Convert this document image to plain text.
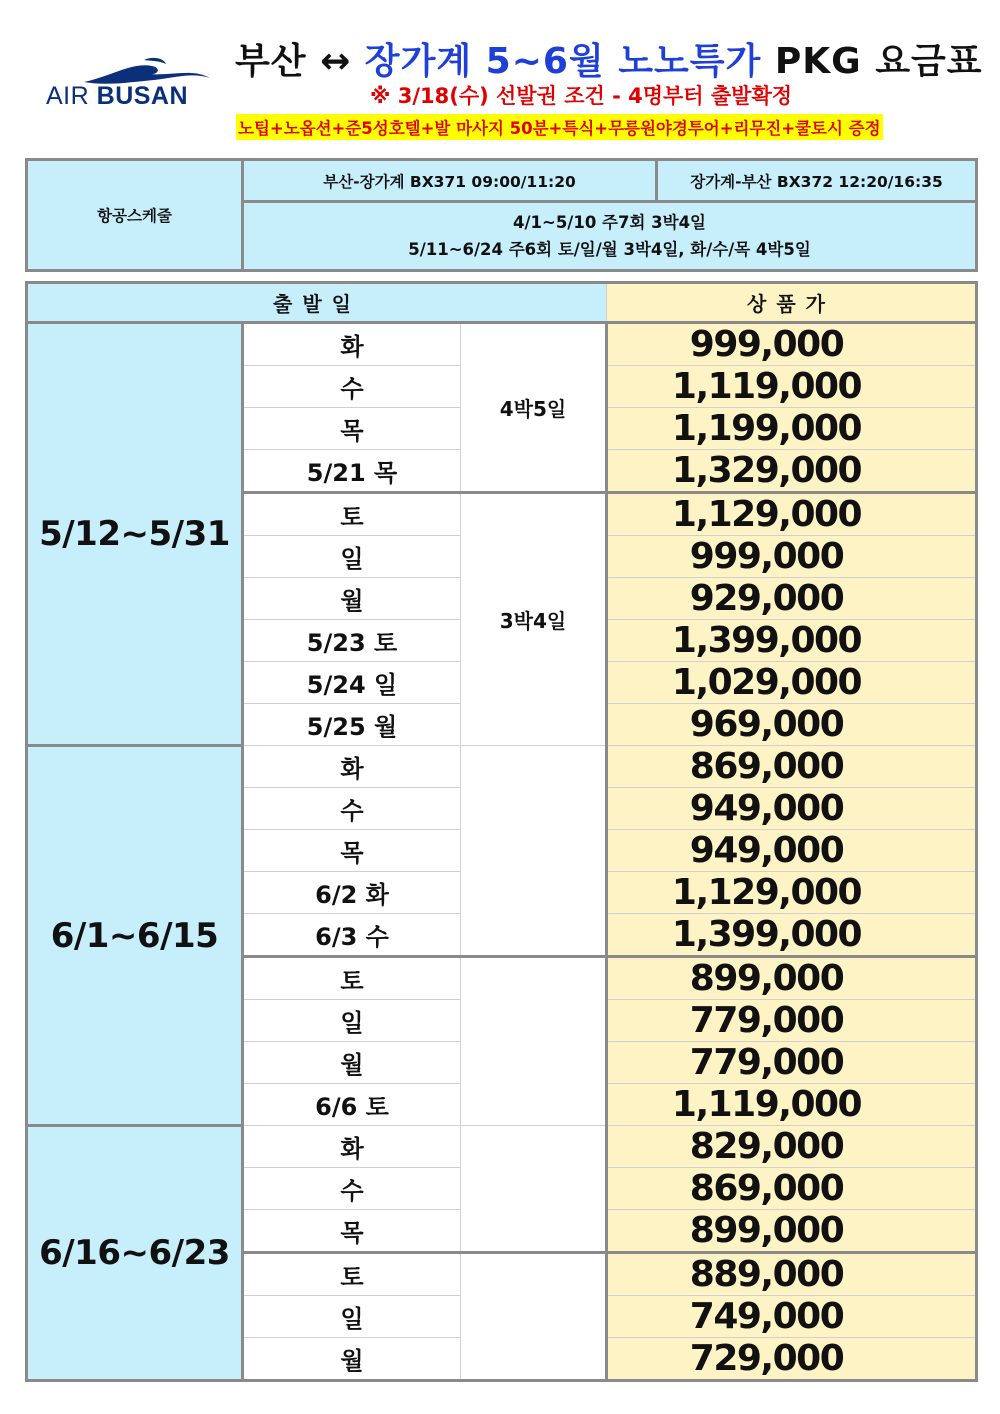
AIR BUSAN
부산 ↔ 장가계 5~6월 노노특가 PKG 요금표
※ 3/18(수) 선발권 조건 - 4명부터 출발확정
노팁+노옵션+준5성호텔+발 마사지 50분+특식+무릉원야경투어+리무진+쿨토시 증정
항공스케줄	부산-장가계 BX371 09:00/11:20	장가계-부산 BX372 12:20/16:35

4/1~5/10 주7회 3박4일
5/11~6/24 주6회 토/일/월 3박4일, 화/수/목 4박5일
출발일			상품가
5/12~5/31	화	4박5일	999,000
	수		1,119,000
	목		1,199,000
	5/21 목		1,329,000
	토	3박4일	1,129,000
	일		999,000
	월		929,000
	5/23 토		1,399,000
	5/24 일		1,029,000
	5/25 월		969,000
6/1~6/15	화		869,000
	수		949,000
	목		949,000
	6/2 화		1,129,000
	6/3 수		1,399,000
	토		899,000
	일		779,000
	월		779,000
	6/6 토		1,119,000
6/16~6/23	화		829,000
	수		869,000
	목		899,000
	토		889,000
	일		749,000
	월		729,000
